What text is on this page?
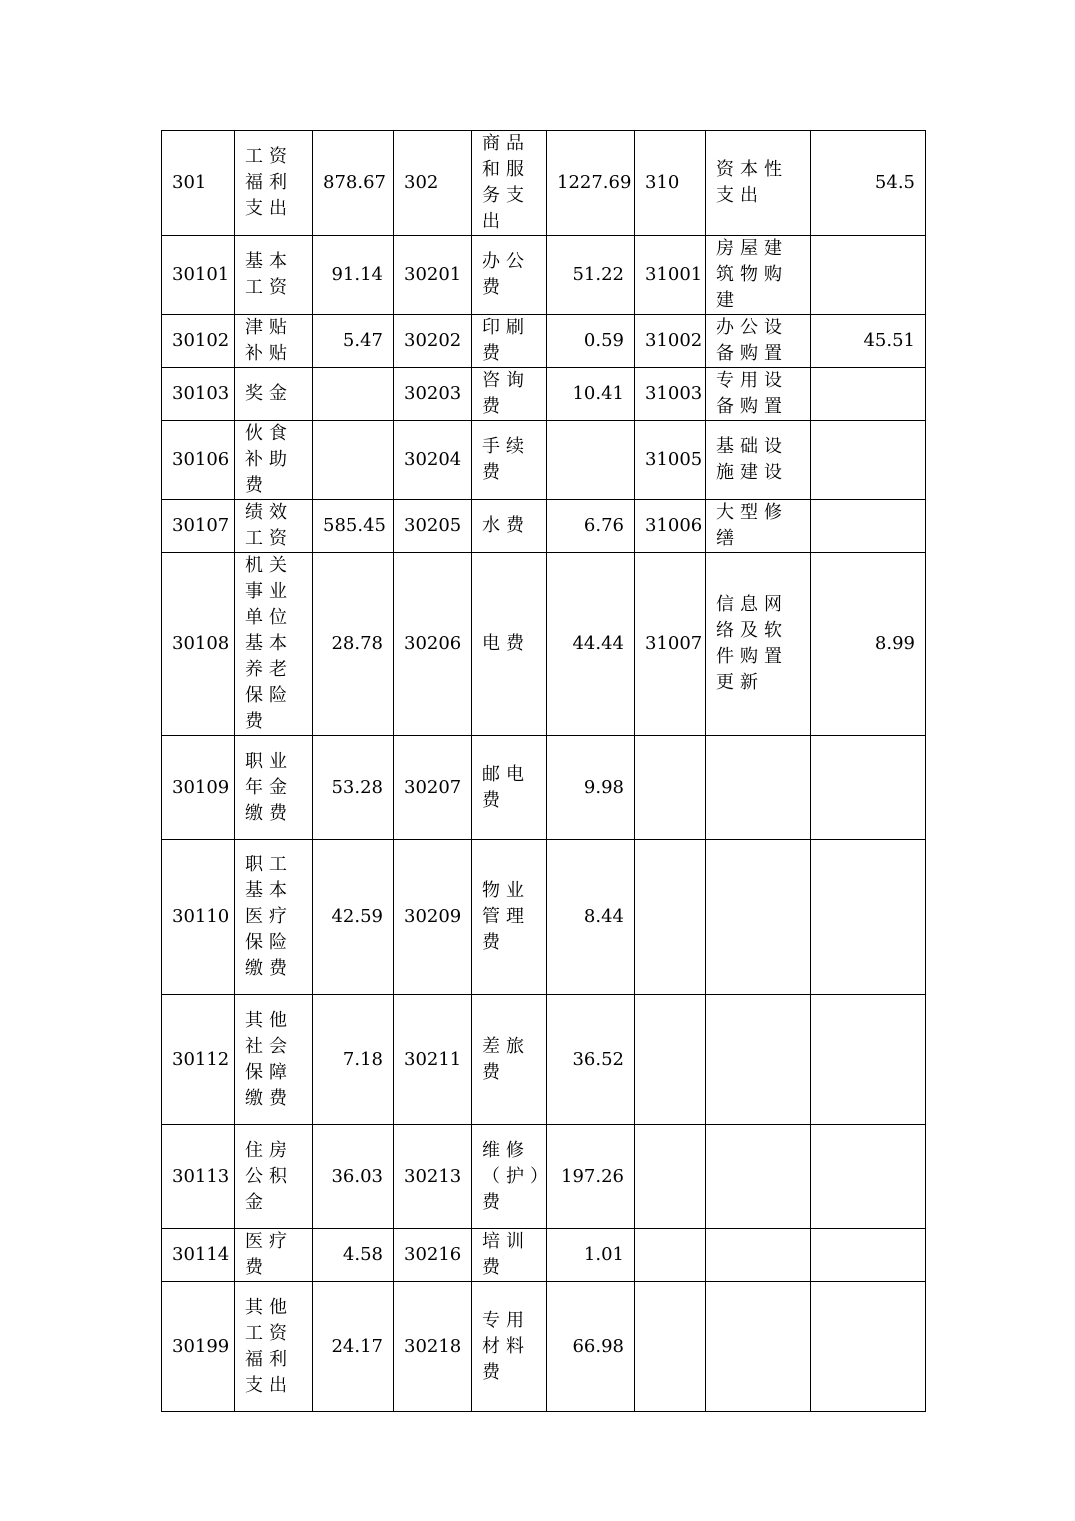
301	工资福利支出	878.67	302	商品和服务支出	1227.69	310	资本性支出	54.5
30101	基本工资	91.14	30201	办公费	51.22	31001	房屋建筑物购建	
30102	津贴补贴	5.47	30202	印刷费	0.59	31002	办公设备购置	45.51
30103	奖金		30203	咨询费	10.41	31003	专用设备购置	
30106	伙食补助费		30204	手续费		31005	基础设施建设	
30107	绩效工资	585.45	30205	水费	6.76	31006	大型修缮	
30108	机关事业单位基本养老保险费	28.78	30206	电费	44.44	31007	信息网络及软件购置更新	8.99
30109	职业年金缴费	53.28	30207	邮电费	9.98			
30110	职工基本医疗保险缴费	42.59	30209	物业管理费	8.44			
30112	其他社会保障缴费	7.18	30211	差旅费	36.52			
30113	住房公积金	36.03	30213	维修（护）费	197.26			
30114	医疗费	4.58	30216	培训费	1.01			
30199	其他工资福利支出	24.17	30218	专用材料费	66.98			
